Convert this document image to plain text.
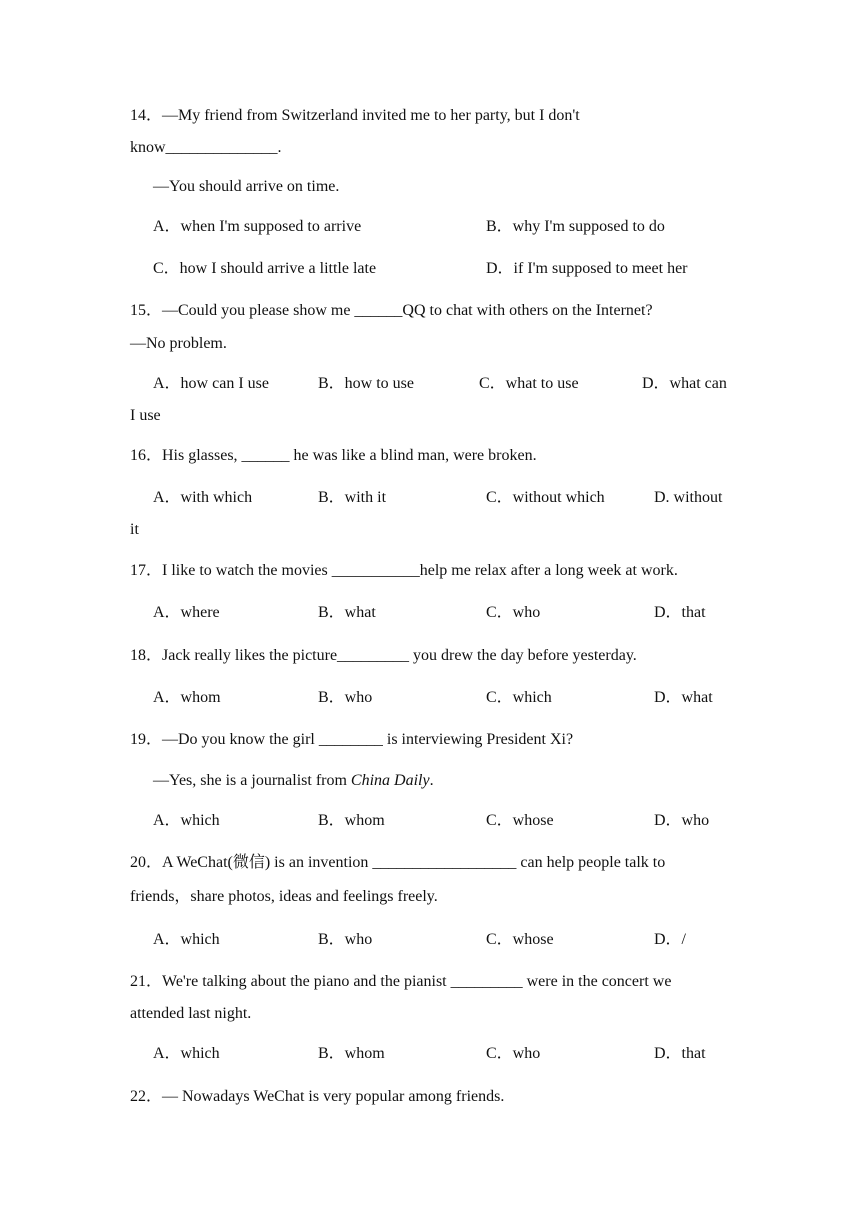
14．—My friend from Switzerland invited me to her party, but I don't
know______________.
—You should arrive on time.
A．when I'm supposed to arrive	B．why I'm supposed to do
C．how I should arrive a little late	D．if I'm supposed to meet her
15．—Could you please show me ______QQ to chat with others on the Internet?
—No problem.
A．how can I use	B．how to use	C．what to use	D．what can
I use
16．His glasses, ______ he was like a blind man, were broken.
A．with which	B．with it	C．without which	D. without
it
17．I like to watch the movies ___________help me relax after a long week at work.
A．where	B．what	C．who	D．that
18．Jack really likes the picture_________ you drew the day before yesterday.
A．whom	B．who	C．which	D．what
19．—Do you know the girl ________ is interviewing President Xi?
—Yes, she is a journalist from China Daily.
A．which	B．whom	C．whose	D．who
20．A WeChat(微信) is an invention __________________ can help people talk to
friends，share photos, ideas and feelings freely.
A．which	B．who	C．whose	D．/
21．We're talking about the piano and the pianist _________ were in the concert we
attended last night.
A．which	B．whom	C．who	D．that
22．— Nowadays WeChat is very popular among friends.
